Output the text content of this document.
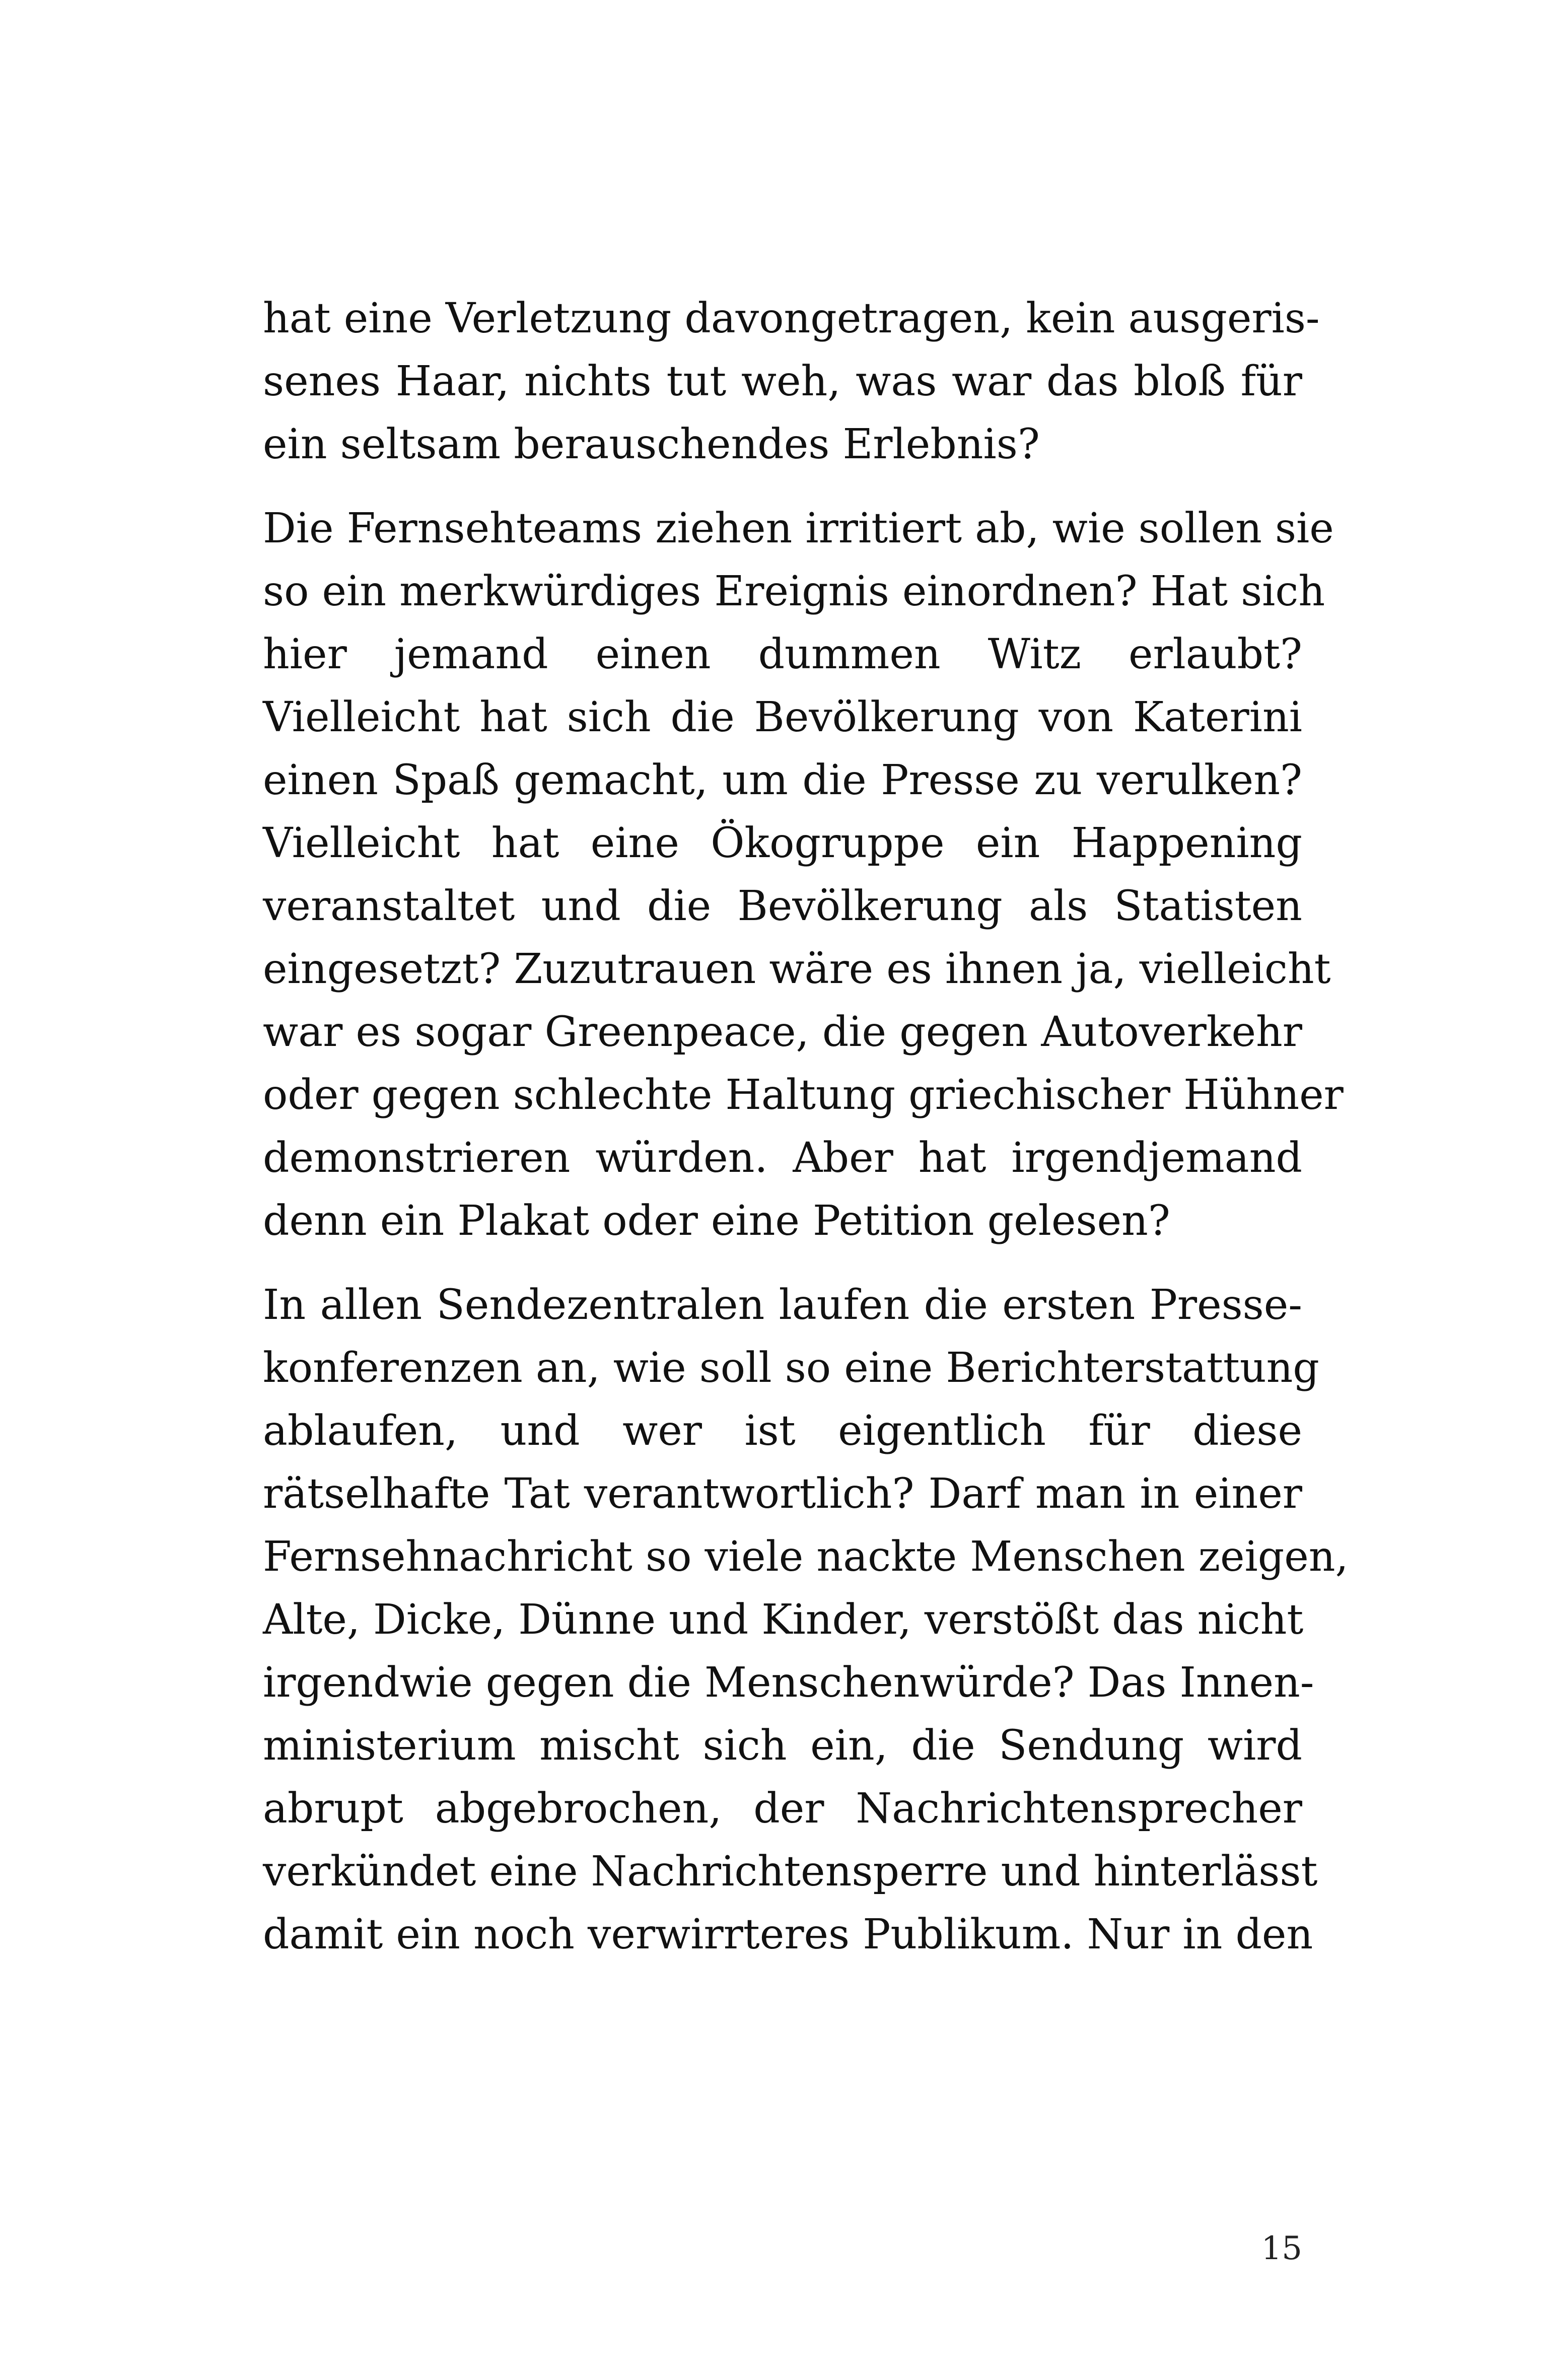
hat eine Verletzung davongetragen, kein ausgeris-
senes Haar, nichts tut weh, was war das bloß für
ein seltsam berauschendes Erlebnis?

Die Fernsehteams ziehen irritiert ab, wie sollen sie
so ein merkwürdiges Ereignis einordnen? Hat sich
hier jemand einen dummen Witz erlaubt?
Vielleicht hat sich die Bevölkerung von Katerini
einen Spaß gemacht, um die Presse zu verulken?
Vielleicht hat eine Ökogruppe ein Happening
veranstaltet und die Bevölkerung als Statisten
eingesetzt? Zuzutrauen wäre es ihnen ja, vielleicht
war es sogar Greenpeace, die gegen Autoverkehr
oder gegen schlechte Haltung griechischer Hühner
demonstrieren würden. Aber hat irgendjemand
denn ein Plakat oder eine Petition gelesen?

In allen Sendezentralen laufen die ersten Presse-
konferenzen an, wie soll so eine Berichterstattung
ablaufen, und wer ist eigentlich für diese
rätselhafte Tat verantwortlich? Darf man in einer
Fernsehnachricht so viele nackte Menschen zeigen,
Alte, Dicke, Dünne und Kinder, verstößt das nicht
irgendwie gegen die Menschenwürde? Das Innen-
ministerium mischt sich ein, die Sendung wird
abrupt abgebrochen, der Nachrichtensprecher
verkündet eine Nachrichtensperre und hinterlässt
damit ein noch verwirrteres Publikum. Nur in den

15
